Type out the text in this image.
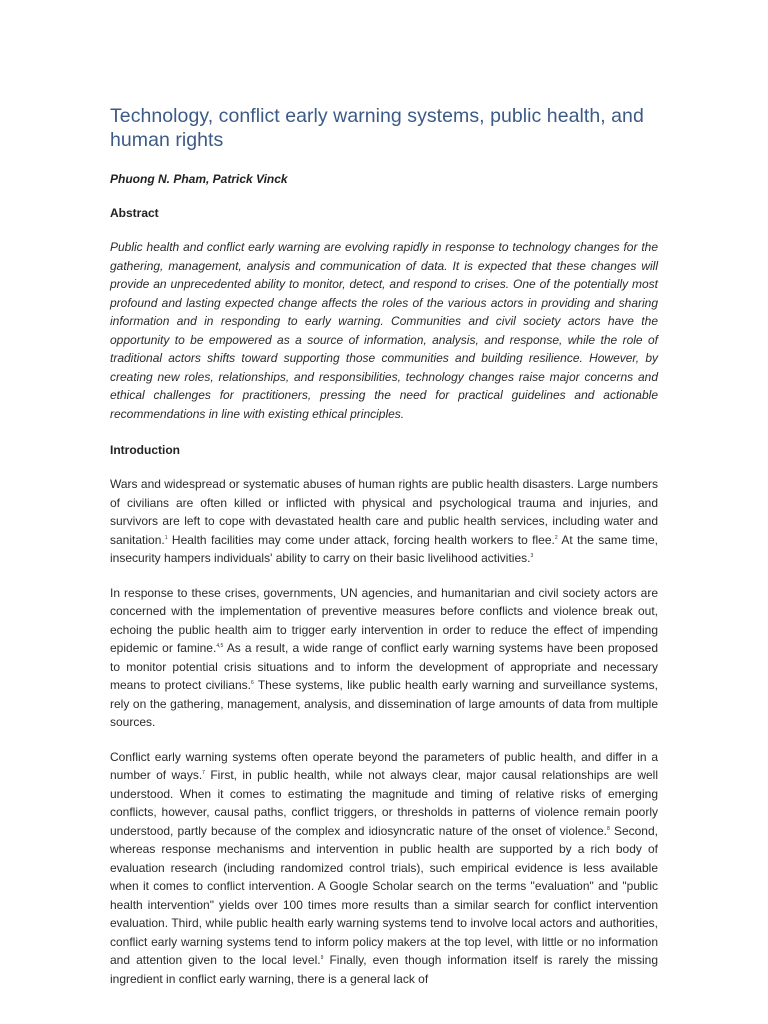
Technology, conflict early warning systems, public health, and human rights
Phuong N. Pham, Patrick Vinck
Abstract

Public health and conflict early warning are evolving rapidly in response to technology changes for the gathering, management, analysis and communication of data. It is expected that these changes will provide an unprecedented ability to monitor, detect, and respond to crises. One of the potentially most profound and lasting expected change affects the roles of the various actors in providing and sharing information and in responding to early warning. Communities and civil society actors have the opportunity to be empowered as a source of information, analysis, and response, while the role of traditional actors shifts toward supporting those communities and building resilience. However, by creating new roles, relationships, and responsibilities, technology changes raise major concerns and ethical challenges for practitioners, pressing the need for practical guidelines and actionable recommendations in line with existing ethical principles.

Introduction

Wars and widespread or systematic abuses of human rights are public health disasters. Large numbers of civilians are often killed or inflicted with physical and psychological trauma and injuries, and survivors are left to cope with devastated health care and public health services, including water and sanitation.$^1$ Health facilities may come under attack, forcing health workers to flee.$^2$ At the same time, insecurity hampers individuals' ability to carry on their basic livelihood activities.$^3$

In response to these crises, governments, UN agencies, and humanitarian and civil society actors are concerned with the implementation of preventive measures before conflicts and violence break out, echoing the public health aim to trigger early intervention in order to reduce the effect of impending epidemic or famine.$^{4,5}$ As a result, a wide range of conflict early warning systems have been proposed to monitor potential crisis situations and to inform the development of appropriate and necessary means to protect civilians.$^6$ These systems, like public health early warning and surveillance systems, rely on the gathering, management, analysis, and dissemination of large amounts of data from multiple sources.

Conflict early warning systems often operate beyond the parameters of public health, and differ in a number of ways.$^7$ First, in public health, while not always clear, major causal relationships are well understood. When it comes to estimating the magnitude and timing of relative risks of emerging conflicts, however, causal paths, conflict triggers, or thresholds in patterns of violence remain poorly understood, partly because of the complex and idiosyncratic nature of the onset of violence.$^8$ Second, whereas response mechanisms and intervention in public health are supported by a rich body of evaluation research (including randomized control trials), such empirical evidence is less available when it comes to conflict intervention. A Google Scholar search on the terms "evaluation" and "public health intervention" yields over 100 times more results than a similar search for conflict intervention evaluation. Third, while public health early warning systems tend to involve local actors and authorities, conflict early warning systems tend to inform policy makers at the top level, with little or no information and attention given to the local level.$^9$ Finally, even though information itself is rarely the missing ingredient in conflict early warning, there is a general lack of
